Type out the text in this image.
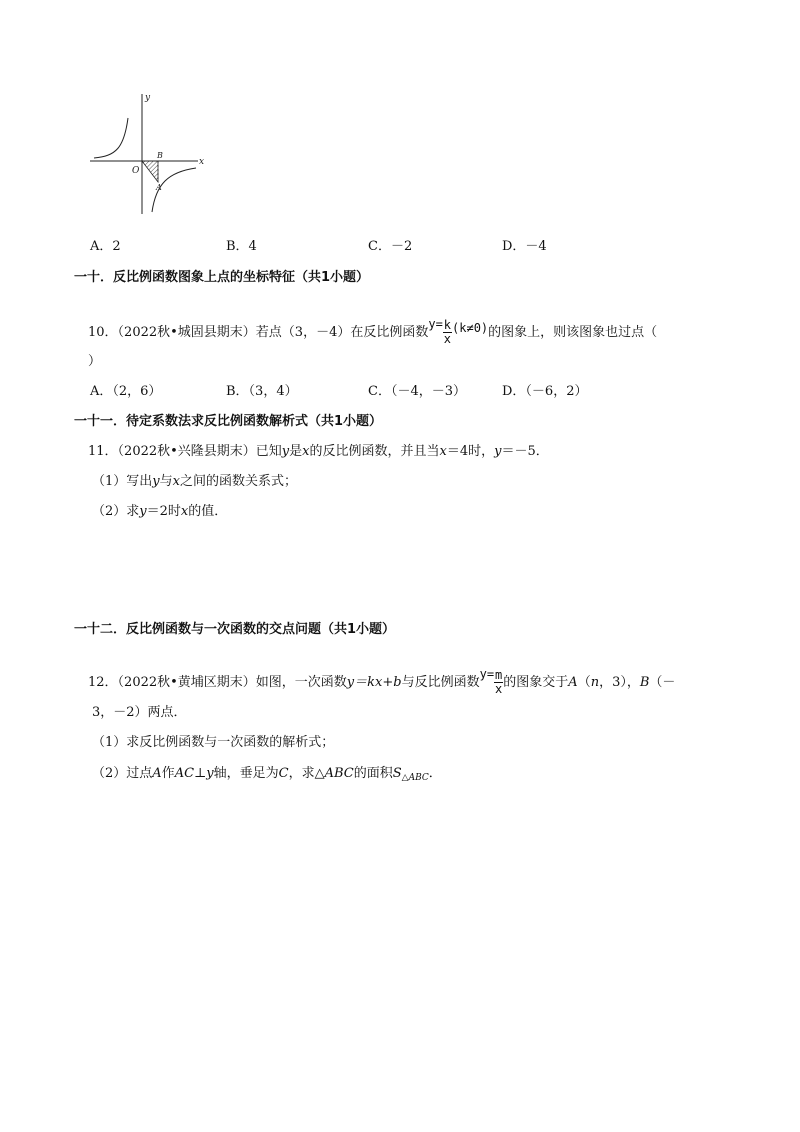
y
x
O
B
A
A．2	B．4	C．－2	D．－4
一十．反比例函数图象上点的坐标特征（共1小题）
10．（2022秋•城固县期末）若点（3，－4）在反比例函数$y= \frac{k}{x} (k\ne 0)$的图象上，则该图象也过点（
）
A．（2，6）	B．（3，4）	C．（－4，－3）	D．（－6，2）
一十一．待定系数法求反比例函数解析式（共1小题）
11．（2022秋•兴隆县期末）已知y是x的反比例函数，并且当x＝4时，y＝－5．
（1）写出y与x之间的函数关系式；
（2）求y＝2时x的值．
一十二．反比例函数与一次函数的交点问题（共1小题）
12．（2022秋•黄埔区期末）如图，一次函数y＝kx+b与反比例函数$y= \frac{m}{x}$ 的图象交于A（n，3），B（－
3，－2）两点．
（1）求反比例函数与一次函数的解析式；
（2）过点A作AC⊥y轴，垂足为C，求△ABC的面积$S_{\triangle ABC}$．
